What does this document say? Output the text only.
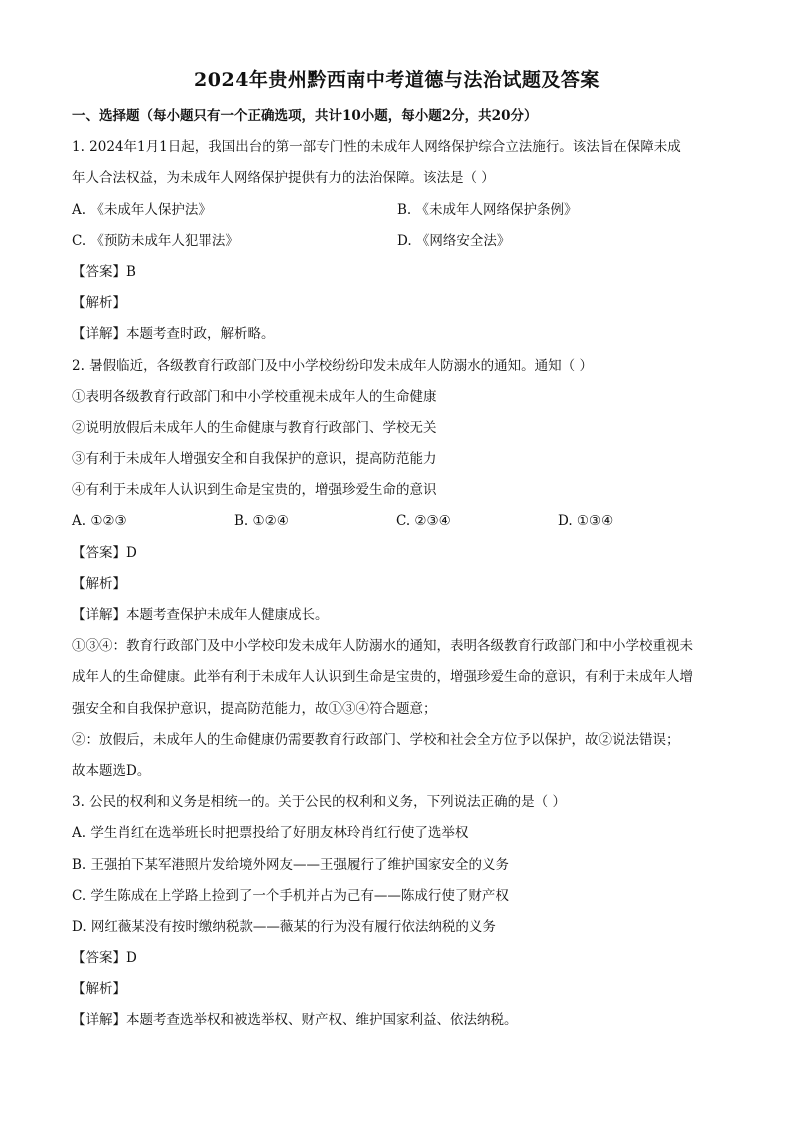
2024年贵州黔西南中考道德与法治试题及答案
一、选择题（每小题只有一个正确选项，共计10小题，每小题2分，共20分）
1. 2024年1月1日起，我国出台的第一部专门性的未成年人网络保护综合立法施行。该法旨在保障未成
年人合法权益，为未成年人网络保护提供有力的法治保障。该法是（ ）
A. 《未成年人保护法》	B. 《未成年人网络保护条例》
C. 《预防未成年人犯罪法》	D. 《网络安全法》
【答案】B
【解析】
【详解】本题考查时政，解析略。
2. 暑假临近，各级教育行政部门及中小学校纷纷印发未成年人防溺水的通知。通知（ ）
①表明各级教育行政部门和中小学校重视未成年人的生命健康
②说明放假后未成年人的生命健康与教育行政部门、学校无关
③有利于未成年人增强安全和自我保护的意识，提高防范能力
④有利于未成年人认识到生命是宝贵的，增强珍爱生命的意识
A. ①②③	B. ①②④	C. ②③④	D. ①③④
【答案】D
【解析】
【详解】本题考查保护未成年人健康成长。
①③④：教育行政部门及中小学校印发未成年人防溺水的通知，表明各级教育行政部门和中小学校重视未
成年人的生命健康。此举有利于未成年人认识到生命是宝贵的，增强珍爱生命的意识，有利于未成年人增
强安全和自我保护意识，提高防范能力，故①③④符合题意；
②：放假后，未成年人的生命健康仍需要教育行政部门、学校和社会全方位予以保护，故②说法错误；
故本题选D。
3. 公民的权利和义务是相统一的。关于公民的权利和义务，下列说法正确的是（ ）
A. 学生肖红在选举班长时把票投给了好朋友林玲肖红行使了选举权
B. 王强拍下某军港照片发给境外网友——王强履行了维护国家安全的义务
C. 学生陈成在上学路上捡到了一个手机并占为己有——陈成行使了财产权
D. 网红薇某没有按时缴纳税款——薇某的行为没有履行依法纳税的义务
【答案】D
【解析】
【详解】本题考查选举权和被选举权、财产权、维护国家利益、依法纳税。
